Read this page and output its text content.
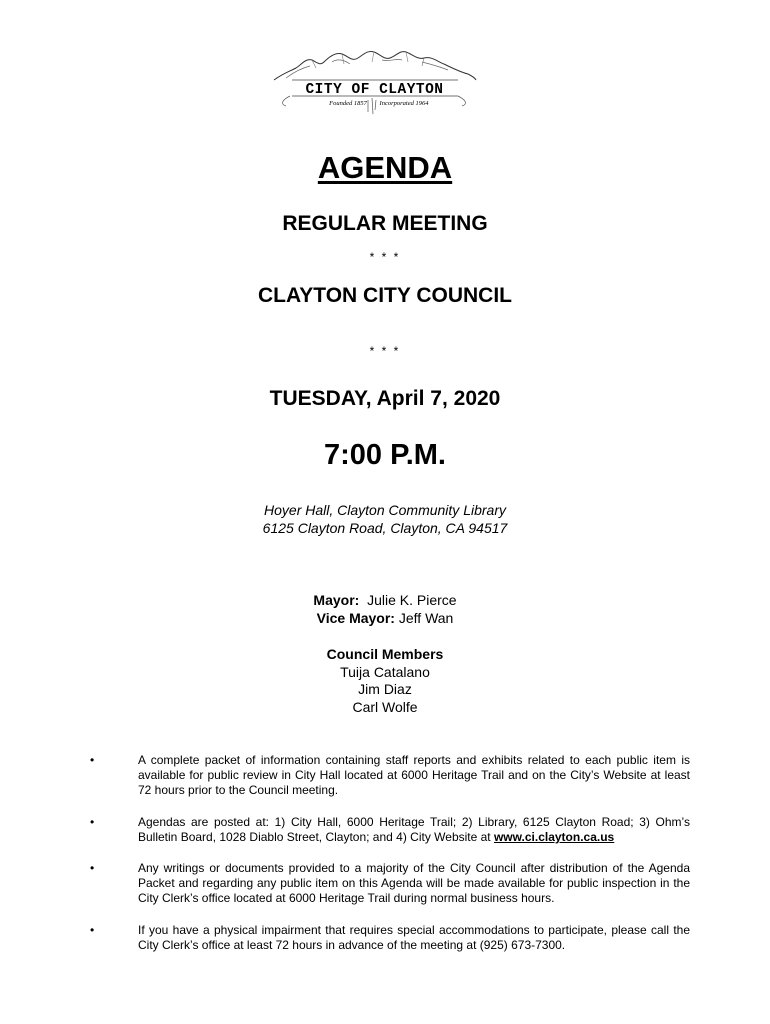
CITY OF CLAYTON
Founded 1857 Incorporated 1964
AGENDA
REGULAR MEETING
* * *
CLAYTON CITY COUNCIL
* * *
TUESDAY, April 7, 2020
7:00 P.M.
Hoyer Hall, Clayton Community Library
6125 Clayton Road, Clayton, CA 94517
Mayor: Julie K. Pierce
Vice Mayor: Jeff Wan
Council Members
Tuija Catalano
Jim Diaz
Carl Wolfe
•	A complete packet of information containing staff reports and exhibits related to each public item is available for public review in City Hall located at 6000 Heritage Trail and on the City’s Website at least 72 hours prior to the Council meeting.
•	Agendas are posted at: 1) City Hall, 6000 Heritage Trail; 2) Library, 6125 Clayton Road; 3) Ohm’s Bulletin Board, 1028 Diablo Street, Clayton; and 4) City Website at www.ci.clayton.ca.us
•	Any writings or documents provided to a majority of the City Council after distribution of the Agenda Packet and regarding any public item on this Agenda will be made available for public inspection in the City Clerk’s office located at 6000 Heritage Trail during normal business hours.
•	If you have a physical impairment that requires special accommodations to participate, please call the City Clerk’s office at least 72 hours in advance of the meeting at (925) 673-7300.
